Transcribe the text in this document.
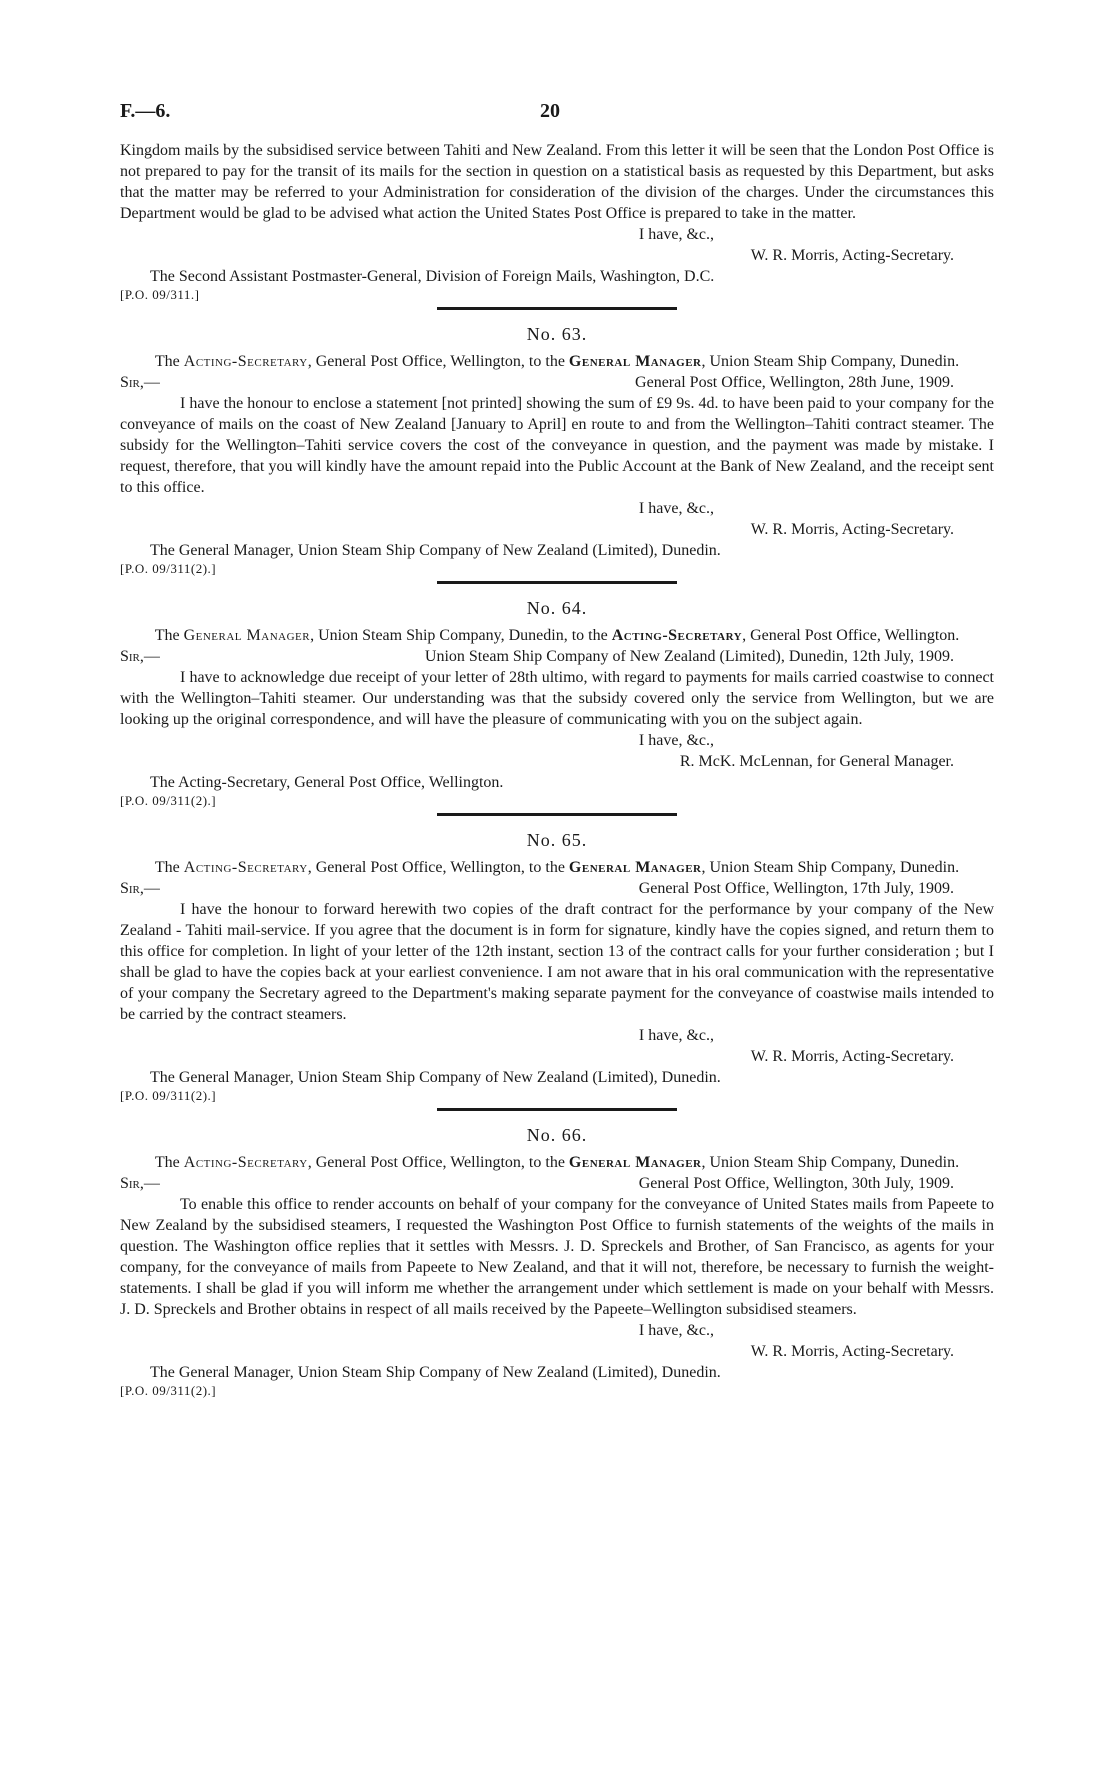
F.—6.	20

Kingdom mails by the subsidised service between Tahiti and New Zealand. From this letter it will be seen that the London Post Office is not prepared to pay for the transit of its mails for the section in question on a statistical basis as requested by this Department, but asks that the matter may be referred to your Administration for consideration of the division of the charges. Under the circumstances this Department would be glad to be advised what action the United States Post Office is prepared to take in the matter.

I have, &c.,

W. R. Morris, Acting-Secretary.

The Second Assistant Postmaster-General, Division of Foreign Mails, Washington, D.C.

[P.O. 09/311.]

No. 63.

The Acting-Secretary, General Post Office, Wellington, to the General Manager, Union Steam Ship Company, Dunedin.

Sir,—	General Post Office, Wellington, 28th June, 1909.

I have the honour to enclose a statement [not printed] showing the sum of £9 9s. 4d. to have been paid to your company for the conveyance of mails on the coast of New Zealand [January to April] en route to and from the Wellington–Tahiti contract steamer. The subsidy for the Wellington–Tahiti service covers the cost of the conveyance in question, and the payment was made by mistake. I request, therefore, that you will kindly have the amount repaid into the Public Account at the Bank of New Zealand, and the receipt sent to this office.

I have, &c.,

W. R. Morris, Acting-Secretary.

The General Manager, Union Steam Ship Company of New Zealand (Limited), Dunedin.

[P.O. 09/311(2).]

No. 64.

The General Manager, Union Steam Ship Company, Dunedin, to the Acting-Secretary, General Post Office, Wellington.

Sir,—	Union Steam Ship Company of New Zealand (Limited), Dunedin, 12th July, 1909.

I have to acknowledge due receipt of your letter of 28th ultimo, with regard to payments for mails carried coastwise to connect with the Wellington–Tahiti steamer. Our understanding was that the subsidy covered only the service from Wellington, but we are looking up the original correspondence, and will have the pleasure of communicating with you on the subject again.

I have, &c.,

R. McK. McLennan, for General Manager.

The Acting-Secretary, General Post Office, Wellington.

[P.O. 09/311(2).]

No. 65.

The Acting-Secretary, General Post Office, Wellington, to the General Manager, Union Steam Ship Company, Dunedin.

Sir,—	General Post Office, Wellington, 17th July, 1909.

I have the honour to forward herewith two copies of the draft contract for the performance by your company of the New Zealand - Tahiti mail-service. If you agree that the document is in form for signature, kindly have the copies signed, and return them to this office for completion. In light of your letter of the 12th instant, section 13 of the contract calls for your further consideration ; but I shall be glad to have the copies back at your earliest convenience. I am not aware that in his oral communication with the representative of your company the Secretary agreed to the Department's making separate payment for the conveyance of coastwise mails intended to be carried by the contract steamers.

I have, &c.,

W. R. Morris, Acting-Secretary.

The General Manager, Union Steam Ship Company of New Zealand (Limited), Dunedin.

[P.O. 09/311(2).]

No. 66.

The Acting-Secretary, General Post Office, Wellington, to the General Manager, Union Steam Ship Company, Dunedin.

Sir,—	General Post Office, Wellington, 30th July, 1909.

To enable this office to render accounts on behalf of your company for the conveyance of United States mails from Papeete to New Zealand by the subsidised steamers, I requested the Washington Post Office to furnish statements of the weights of the mails in question. The Washington office replies that it settles with Messrs. J. D. Spreckels and Brother, of San Francisco, as agents for your company, for the conveyance of mails from Papeete to New Zealand, and that it will not, therefore, be necessary to furnish the weight-statements. I shall be glad if you will inform me whether the arrangement under which settlement is made on your behalf with Messrs. J. D. Spreckels and Brother obtains in respect of all mails received by the Papeete–Wellington subsidised steamers.

I have, &c.,

W. R. Morris, Acting-Secretary.

The General Manager, Union Steam Ship Company of New Zealand (Limited), Dunedin.

[P.O. 09/311(2).]
